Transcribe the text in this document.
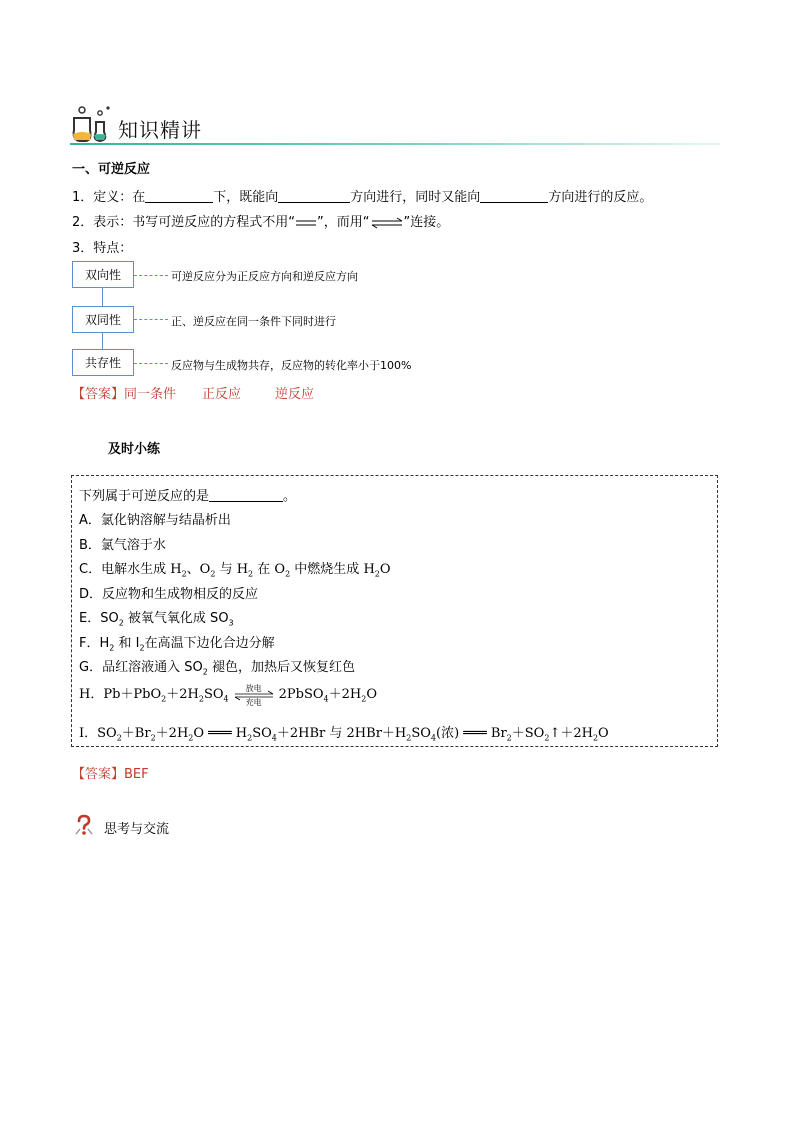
知识精讲
一、可逆反应
1．定义：在	下，既能向	方向进行，同时又能向	方向进行的反应。
2．表示：书写可逆反应的方程式不用“ ”，而用“⇌”连接。
3．特点：
双向性	可逆反应分为正反应方向和逆反应方向
双同性	正、逆反应在同一条件下同时进行
共存性	反应物与生成物共存，反应物的转化率小于100%
【答案】同一条件 正反应	逆反应
及时小练
下列属于可逆反应的是	。
A．氯化钠溶解与结晶析出
B．氯气溶于水
C．电解水生成 $H_2$、$O_2$ 与 $H_2$ 在 $O_2$ 中燃烧生成 $H_2O$
D．反应物和生成物相反的反应
E．$SO_2$ 被氧气氧化成 $SO_3$
F．$H_2$ 和 $I_2$在高温下边化合边分解
G．品红溶液通入 $SO_2$ 褪色，加热后又恢复红色
H．$Pb+PbO_2+2H_2SO_4$
放电
充电	$2PbSO_4+2H_2O$
I．$SO_2+Br_2+2H_2O$ ═══ $H_2SO_4+2HBr$ 与 $2HBr+H_2SO_4$(浓) ═══ $Br_2+SO_2↑+2H_2O$
【答案】BEF
思考与交流
